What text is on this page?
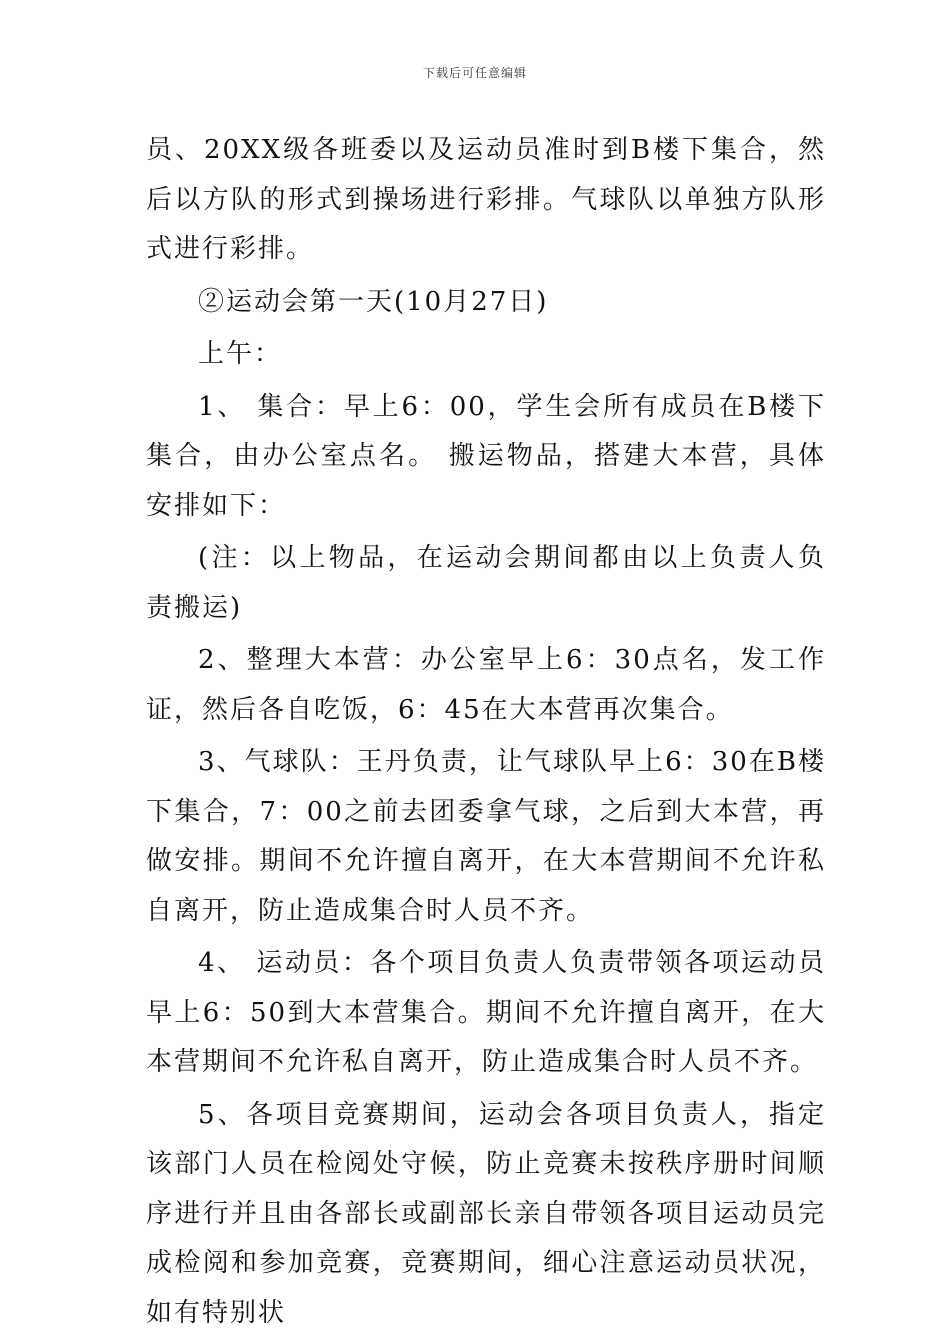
下载后可任意编辑

员、20XX级各班委以及运动员准时到B楼下集合，然后以方队的形式到操场进行彩排。气球队以单独方队形式进行彩排。

②运动会第一天(10月27日)

上午：

1、 集合：早上6：00，学生会所有成员在B楼下集合，由办公室点名。 搬运物品，搭建大本营，具体安排如下：

(注：以上物品，在运动会期间都由以上负责人负责搬运)

2、整理大本营：办公室早上6：30点名，发工作证，然后各自吃饭，6：45在大本营再次集合。

3、气球队：王丹负责，让气球队早上6：30在B楼下集合，7：00之前去团委拿气球，之后到大本营，再做安排。期间不允许擅自离开，在大本营期间不允许私自离开，防止造成集合时人员不齐。

4、 运动员：各个项目负责人负责带领各项运动员早上6：50到大本营集合。期间不允许擅自离开，在大本营期间不允许私自离开，防止造成集合时人员不齐。

5、各项目竞赛期间，运动会各项目负责人，指定该部门人员在检阅处守候，防止竞赛未按秩序册时间顺序进行并且由各部长或副部长亲自带领各项目运动员完成检阅和参加竞赛，竞赛期间，细心注意运动员状况，如有特别状
